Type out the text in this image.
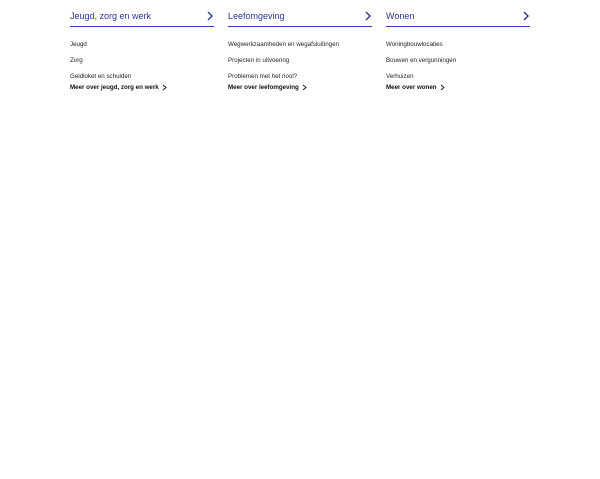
Jeugd, zorg en werk
Jeugd
Zorg
Geldloket en schulden
Meer over jeugd, zorg en werk
Leefomgeving
Wegwerkzaamheden en wegafsluitingen
Projecten in uitvoering
Problemen met het riool?
Meer over leefomgeving
Wonen
Woningbouwlocaties
Bouwen en vergunningen
Verhuizen
Meer over wonen
